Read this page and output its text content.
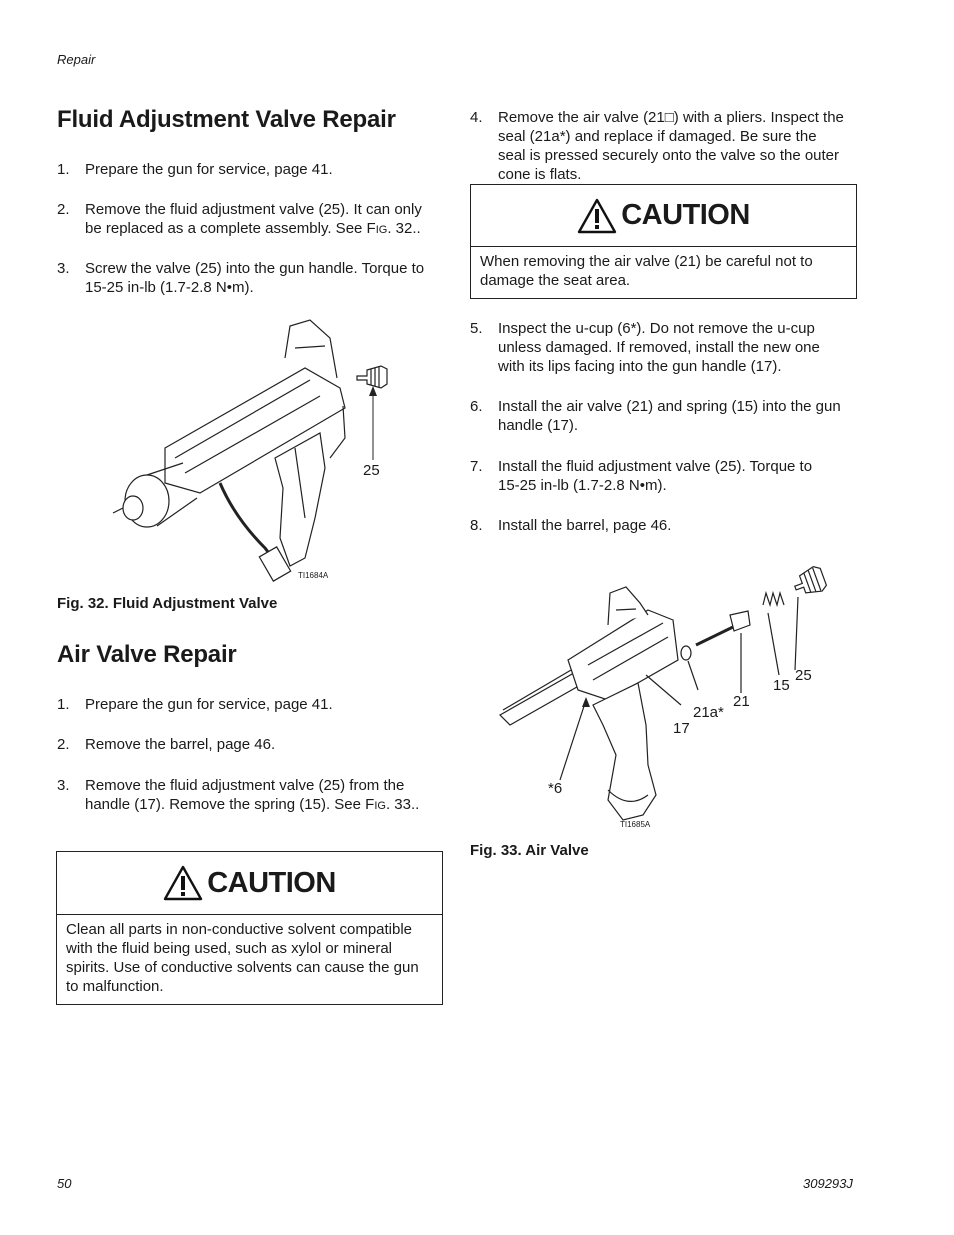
Repair
Fluid Adjustment Valve Repair
1. Prepare the gun for service, page 41.
2. Remove the fluid adjustment valve (25). It can only
be replaced as a complete assembly. See FIG. 32..
3. Screw the valve (25) into the gun handle. Torque to
15-25 in-lb (1.7-2.8 N•m).
25
TI1684A
Fig. 32. Fluid Adjustment Valve
Air Valve Repair
1. Prepare the gun for service, page 41.
2. Remove the barrel, page 46.
3. Remove the fluid adjustment valve (25) from the
handle (17). Remove the spring (15). See FIG. 33..
CAUTION
Clean all parts in non-conductive solvent compatible
with the fluid being used, such as xylol or mineral
spirits. Use of conductive solvents can cause the gun
to malfunction.
4. Remove the air valve (21□) with a pliers. Inspect the
seal (21a*) and replace if damaged. Be sure the
seal is pressed securely onto the valve so the outer
cone is flats.
CAUTION
When removing the air valve (21) be careful not to
damage the seat area.
5. Inspect the u-cup (6*). Do not remove the u-cup
unless damaged. If removed, install the new one
with its lips facing into the gun handle (17).
6. Install the air valve (21) and spring (15) into the gun
handle (17).
7. Install the fluid adjustment valve (25). Torque to
15-25 in-lb (1.7-2.8 N•m).
8. Install the barrel, page 46.
25
15
21
21a*
17
*6
TI1685A
Fig. 33. Air Valve
50	309293J
